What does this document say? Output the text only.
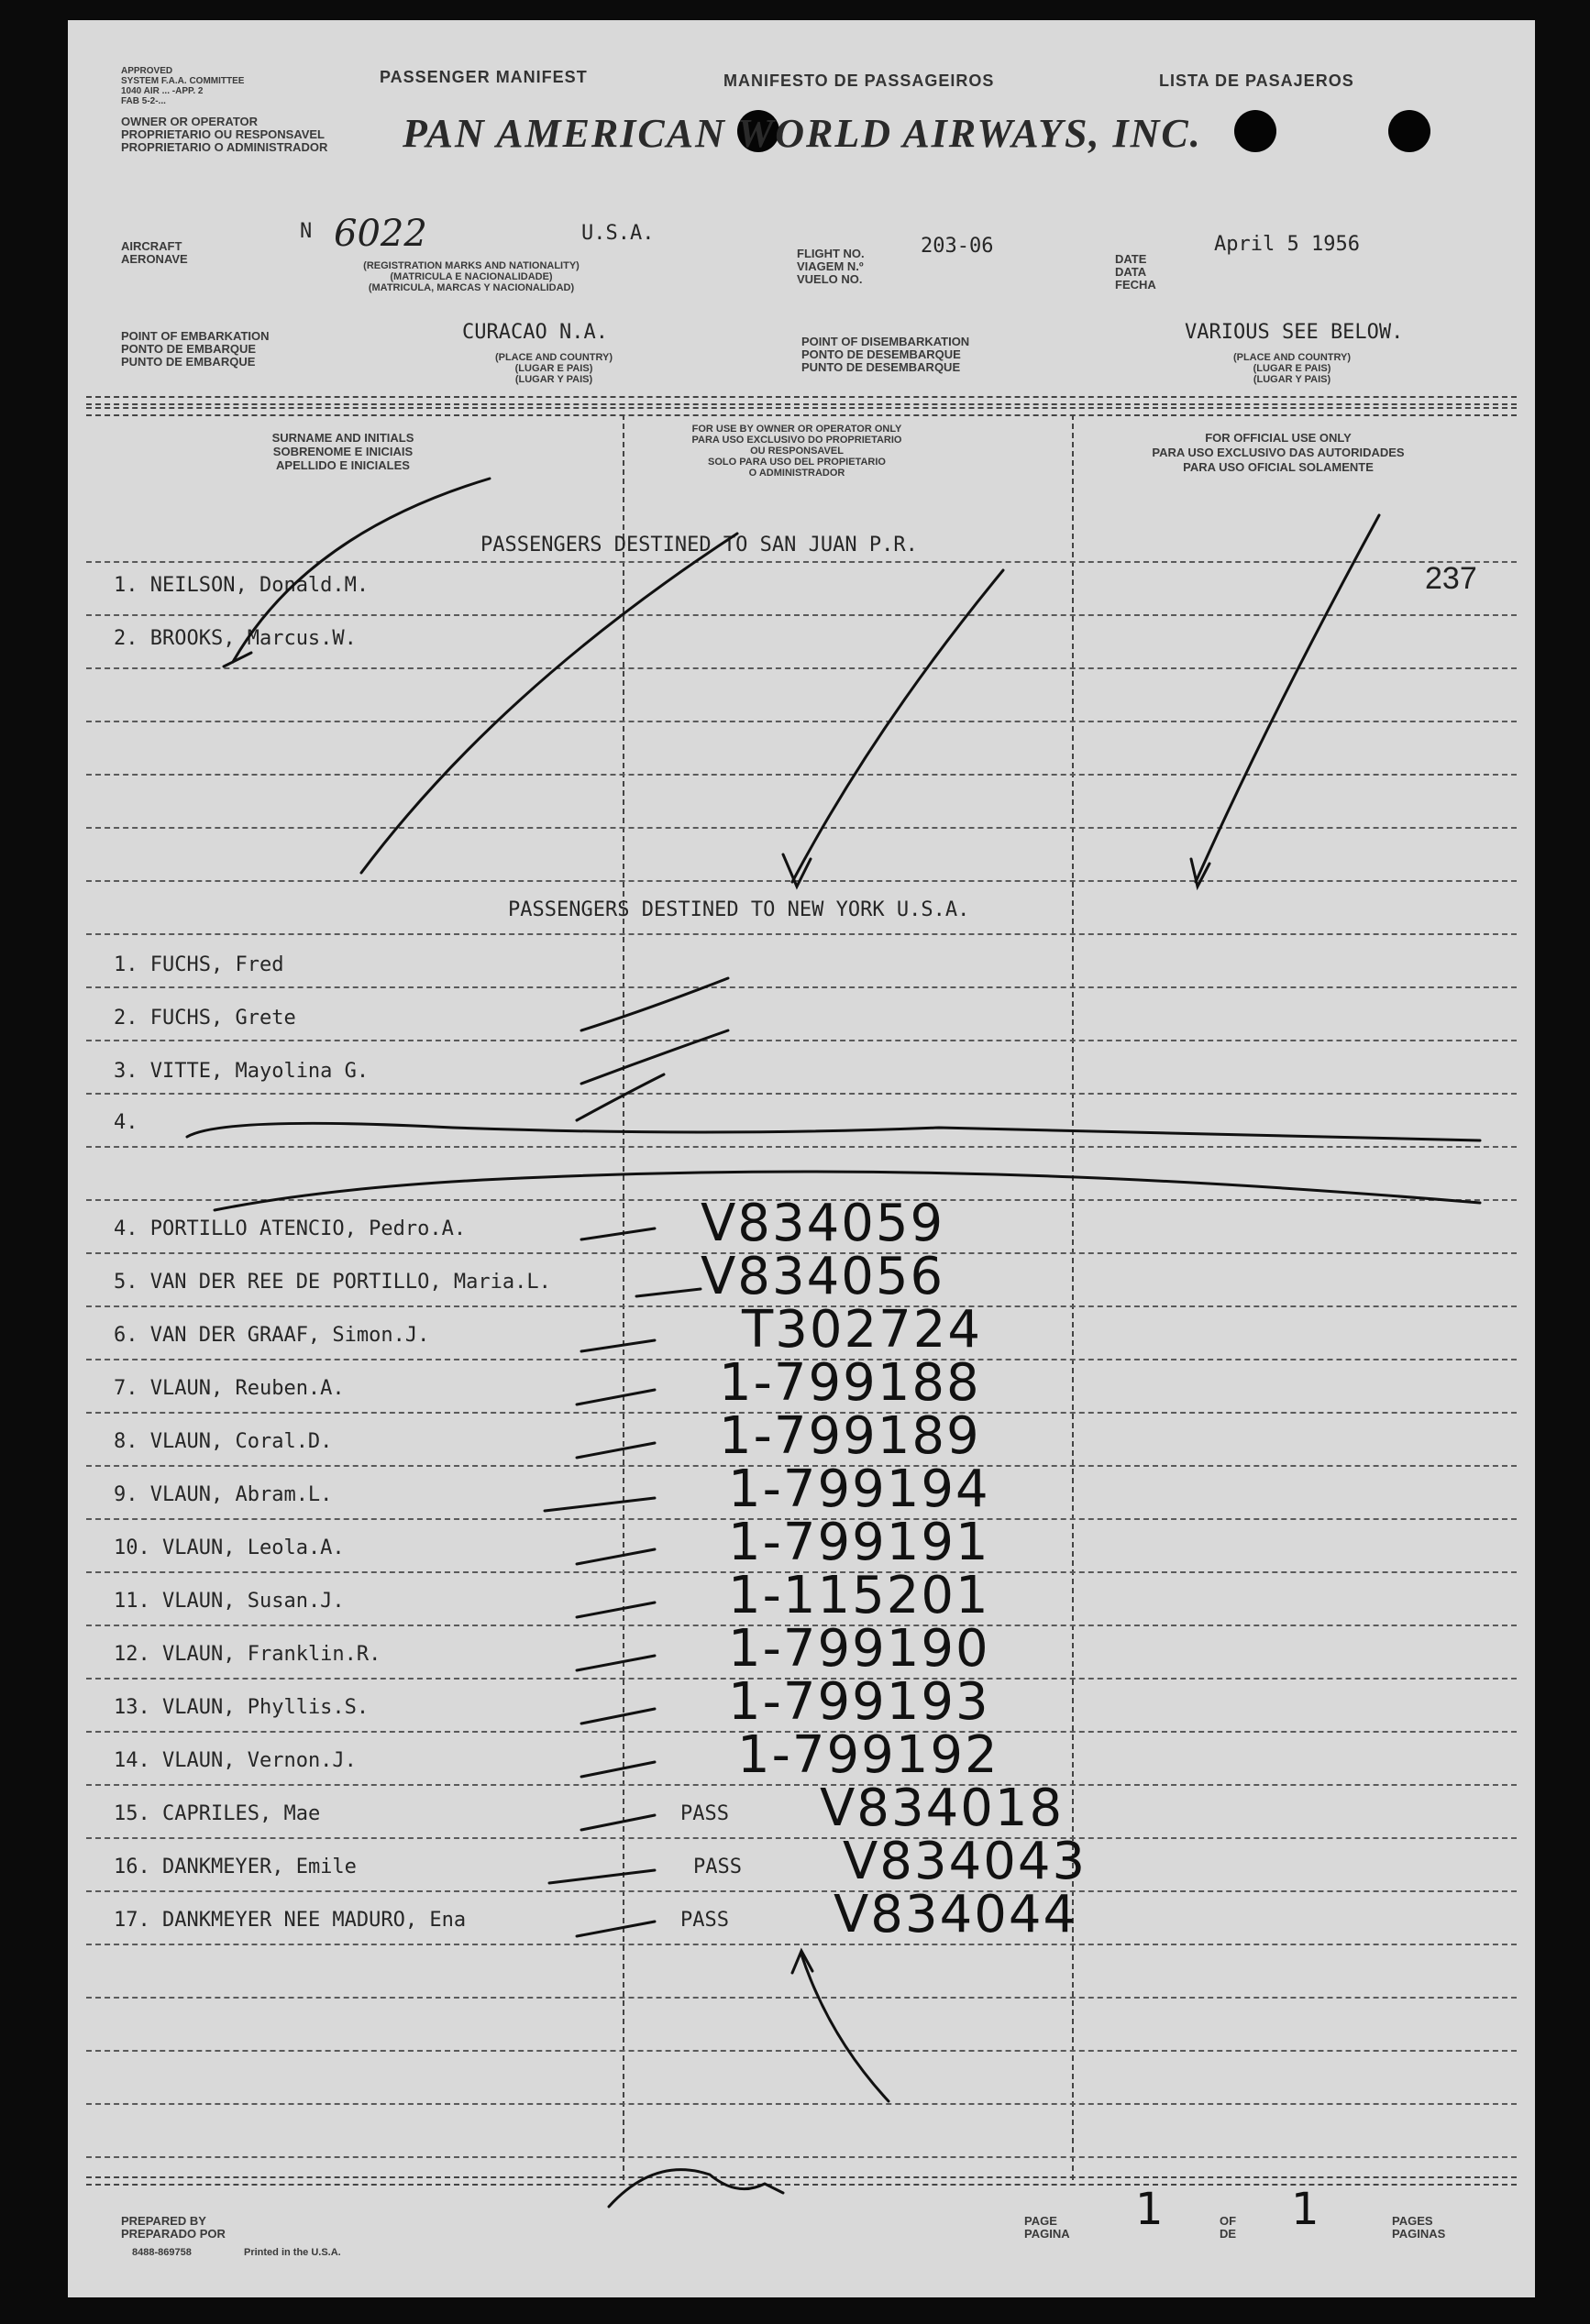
APPROVED
SYSTEM F.A.A. COMMITTEE
1040 AIR ... -APP. 2
FAB 5-2-...
OWNER OR OPERATOR
PROPRIETARIO OU RESPONSAVEL
PROPRIETARIO O ADMINISTRADOR
PASSENGER MANIFEST	MANIFESTO DE PASSAGEIROS	LISTA DE PASAJEROS
PAN AMERICAN WORLD AIRWAYS, INC.
AIRCRAFT
AERONAVE
N 6022	U.S.A.
(REGISTRATION MARKS AND NATIONALITY)
(MATRICULA E NACIONALIDADE)
(MATRICULA, MARCAS Y NACIONALIDAD)
FLIGHT NO.
VIAGEM N.º
VUELO NO.
203-06
DATE
DATA
FECHA
April 5 1956
POINT OF EMBARKATION
PONTO DE EMBARQUE
PUNTO DE EMBARQUE
CURACAO N.A.
(PLACE AND COUNTRY)
(LUGAR E PAIS)
(LUGAR Y PAIS)
POINT OF DISEMBARKATION
PONTO DE DESEMBARQUE
PUNTO DE DESEMBARQUE
VARIOUS SEE BELOW.
(PLACE AND COUNTRY)
(LUGAR E PAIS)
(LUGAR Y PAIS)
SURNAME AND INITIALS
SOBRENOME E INICIAIS
APELLIDO E INICIALES
FOR USE BY OWNER OR OPERATOR ONLY
PARA USO EXCLUSIVO DO PROPRIETARIO
OU RESPONSAVEL
SOLO PARA USO DEL PROPIETARIO
O ADMINISTRADOR
FOR OFFICIAL USE ONLY
PARA USO EXCLUSIVO DAS AUTORIDADES
PARA USO OFICIAL SOLAMENTE
PASSENGERS DESTINED TO SAN JUAN P.R.
237
PASSENGERS DESTINED TO NEW YORK U.S.A.
1. NEILSON, Donald.M.
2. BROOKS, Marcus.W.
1. FUCHS, Fred
2. FUCHS, Grete
3. VITTE, Mayolina G.
4.
4. PORTILLO ATENCIO, Pedro.A.	V834059
5. VAN DER REE DE PORTILLO, Maria.L.	V834056
6. VAN DER GRAAF, Simon.J.	T302724
7. VLAUN, Reuben.A.	1-799188
8. VLAUN, Coral.D.	1-799189
9. VLAUN, Abram.L.	1-799194
10. VLAUN, Leola.A.	1-799191
11. VLAUN, Susan.J.	1-115201
12. VLAUN, Franklin.R.	1-799190
13. VLAUN, Phyllis.S.	1-799193
14. VLAUN, Vernon.J.	1-799192
15. CAPRILES, Mae	PASS V834018
16. DANKMEYER, Emile	PASS V834043
17. DANKMEYER NEE MADURO, Ena	PASS V834044
PREPARED BY
PREPARADO POR
8488-869758	Printed in the U.S.A.
PAGE
PAGINA 1	OF
DE 1	PAGES
PAGINAS
